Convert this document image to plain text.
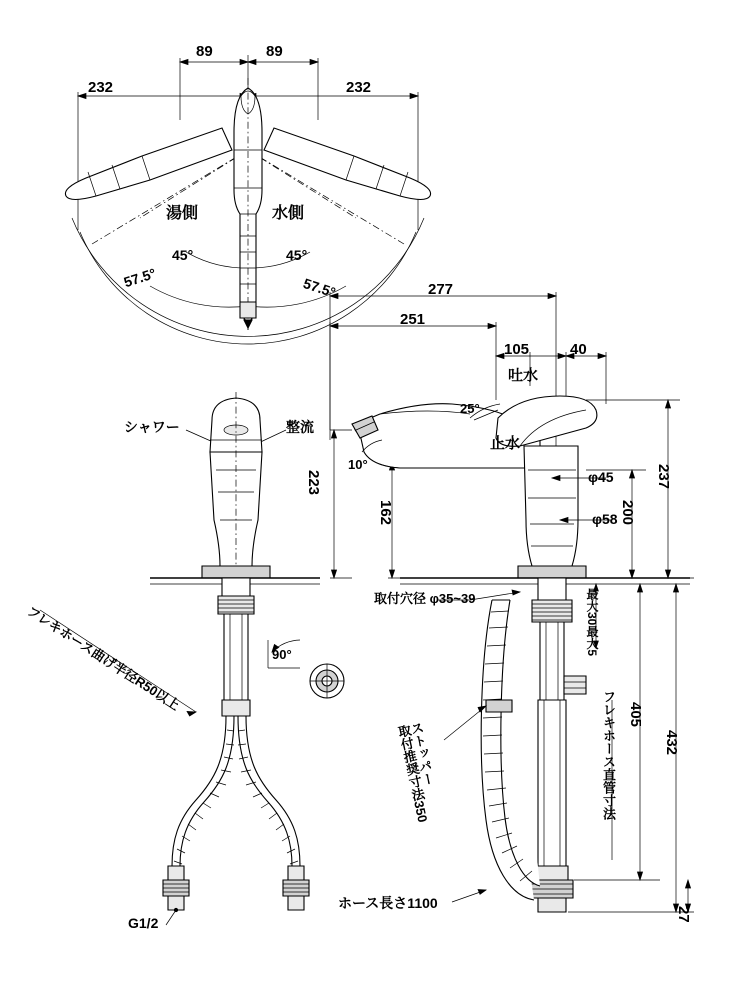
89	89
232	232
湯側	水側
45°	45°
57.5°	57.5°
シャワー	整流
G1/2
フレキホース曲げ半径R50以上	90°
277
251
105	40
223
162	200
237
405
432
27
25°
10°
φ45
φ58
取付穴径 φ35~39
吐水
止水
最大30最大5
フレキホース直管寸法
ストッパー
取付推奨寸法350
ホース長さ1100
